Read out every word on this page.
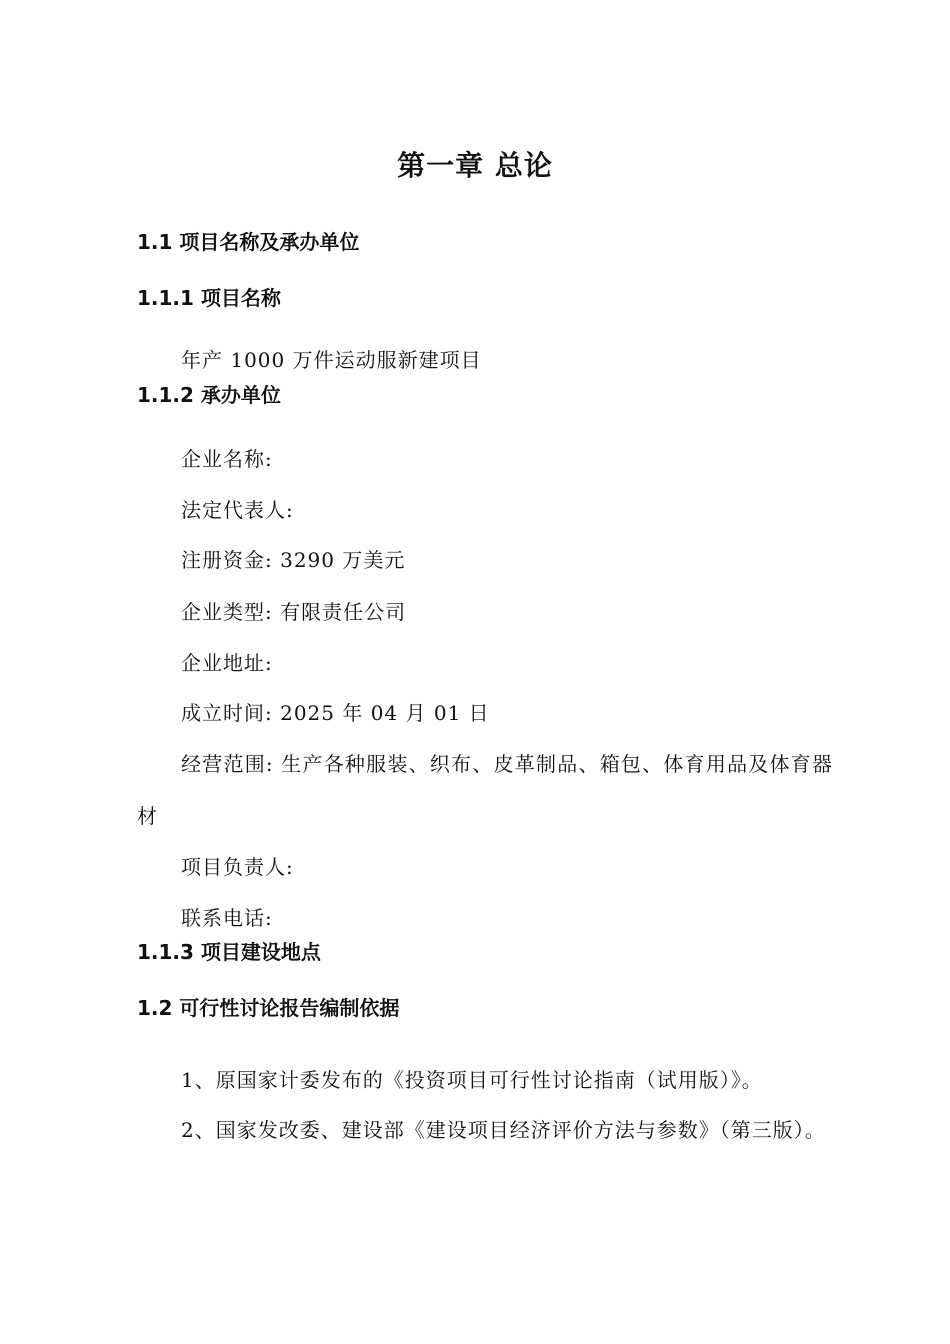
第一章 总论
1.1 项目名称及承办单位
1.1.1 项目名称

年产 1000 万件运动服新建项目

1.1.2 承办单位

企业名称:

法定代表人:

注册资金: 3290 万美元

企业类型: 有限责任公司

企业地址:

成立时间: 2025 年 04 月 01 日

经营范围: 生产各种服装、织布、皮革制品、箱包、体育用品及体育器材

项目负责人:

联系电话:

1.1.3 项目建设地点
1.2 可行性讨论报告编制依据

1、原国家计委发布的《投资项目可行性讨论指南（试用版）》。

2、国家发改委、建设部《建设项目经济评价方法与参数》（第三版）。
